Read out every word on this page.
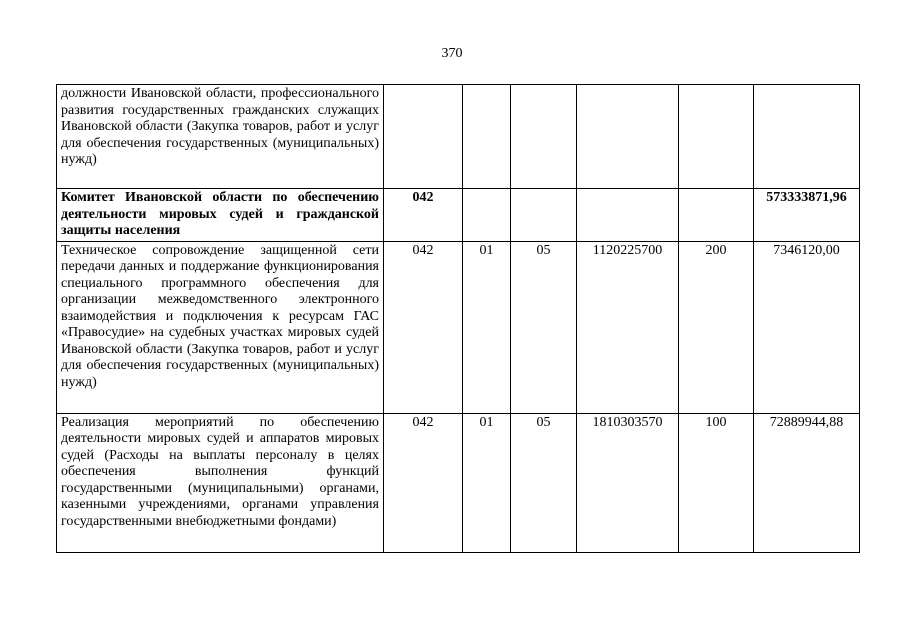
370
должности Ивановской области, профессионального развития государственных гражданских служащих Ивановской области (Закупка товаров, работ и услуг для обеспечения государственных (муниципальных) нужд)						
Комитет Ивановской области по обеспечению деятельности мировых судей и гражданской защиты населения	042					573333871,96
Техническое сопровождение защищенной сети передачи данных и поддержание функционирования специального программного обеспечения для организации межведомственного электронного взаимодействия и подключения к ресурсам ГАС «Правосудие» на судебных участках мировых судей Ивановской области (Закупка товаров, работ и услуг для обеспечения государственных (муниципальных) нужд)	042	01	05	1120225700	200	7346120,00
Реализация мероприятий по обеспечению деятельности мировых судей и аппаратов мировых судей (Расходы на выплаты персоналу в целях обеспечения выполнения функций государственными (муниципальными) органами, казенными учреждениями, органами управления государственными внебюджетными фондами)	042	01	05	1810303570	100	72889944,88
